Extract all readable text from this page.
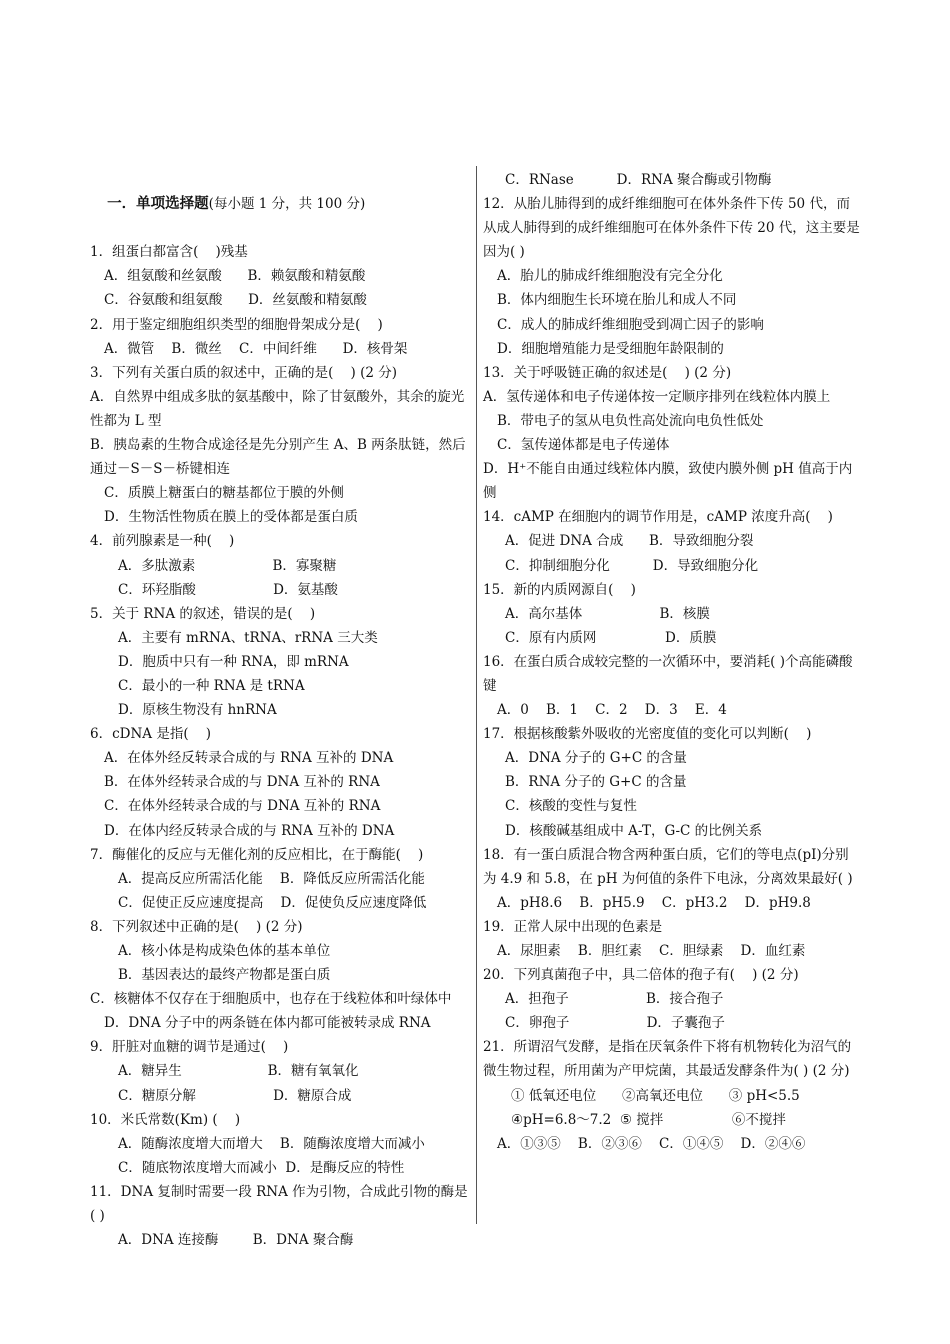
一．单项选择题(每小题 1 分，共 100 分)

1．组蛋白都富含(    )残基
A．组氨酸和丝氨酸      B．赖氨酸和精氨酸
C．谷氨酸和组氨酸      D．丝氨酸和精氨酸
2．用于鉴定细胞组织类型的细胞骨架成分是(    )
A．微管    B．微丝    C．中间纤维      D．核骨架
3．下列有关蛋白质的叙述中，正确的是(    ) (2 分)
A．自然界中组成多肽的氨基酸中，除了甘氨酸外，其余的旋光性都为 L 型
B．胰岛素的生物合成途径是先分别产生 A、B 两条肽链，然后通过－S－S－桥键相连
C．质膜上糖蛋白的糖基都位于膜的外侧
D．生物活性物质在膜上的受体都是蛋白质
4．前列腺素是一种(    )
A．多肽激素                  B．寡聚糖
C．环羟脂酸                  D．氨基酸
5．关于 RNA 的叙述，错误的是(    )
A．主要有 mRNA、tRNA、rRNA 三大类
D．胞质中只有一种 RNA，即 mRNA
C．最小的一种 RNA 是 tRNA
D．原核生物没有 hnRNA
6．cDNA 是指(    )
A．在体外经反转录合成的与 RNA 互补的 DNA
B．在体外经转录合成的与 DNA 互补的 RNA
C．在体外经转录合成的与 DNA 互补的 RNA
D．在体内经反转录合成的与 RNA 互补的 DNA
7．酶催化的反应与无催化剂的反应相比，在于酶能(    )
A．提高反应所需活化能    B．降低反应所需活化能
C．促使正反应速度提高    D．促使负反应速度降低
8．下列叙述中正确的是(    ) (2 分)
A．核小体是构成染色体的基本单位
B．基因表达的最终产物都是蛋白质
C．核糖体不仅存在于细胞质中，也存在于线粒体和叶绿体中
D．DNA 分子中的两条链在体内都可能被转录成 RNA
9．肝脏对血糖的调节是通过(    )
A．糖异生                    B．糖有氧氧化
C．糖原分解                  D．糖原合成
10．米氏常数(Km) (    )
A．随酶浓度增大而增大    B．随酶浓度增大而减小
C．随底物浓度增大而减小  D．是酶反应的特性
11．DNA 复制时需要一段 RNA 作为引物，合成此引物的酶是( )
A．DNA 连接酶        B．DNA 聚合酶
C．RNase          D．RNA 聚合酶或引物酶
12．从胎儿肺得到的成纤维细胞可在体外条件下传 50 代，而从成人肺得到的成纤维细胞可在体外条件下传 20 代，这主要是因为( )
A．胎儿的肺成纤维细胞没有完全分化
B．体内细胞生长环境在胎儿和成人不同
C．成人的肺成纤维细胞受到凋亡因子的影响
D．细胞增殖能力是受细胞年龄限制的
13．关于呼吸链正确的叙述是(    ) (2 分)
A．氢传递体和电子传递体按一定顺序排列在线粒体内膜上
B．带电子的氢从电负性高处流向电负性低处
C．氢传递体都是电子传递体
D．H⁺不能自由通过线粒体内膜，致使内膜外侧 pH 值高于内侧
14．cAMP 在细胞内的调节作用是，cAMP 浓度升高(    )
A．促进 DNA 合成      B．导致细胞分裂
C．抑制细胞分化          D．导致细胞分化
15．新的内质网源自(    )
A．高尔基体                  B．核膜
C．原有内质网                D．质膜
16．在蛋白质合成较完整的一次循环中，要消耗( )个高能磷酸键
A．0    B．1    C．2    D．3    E．4
17．根据核酸紫外吸收的光密度值的变化可以判断(    )
A．DNA 分子的 G+C 的含量
B．RNA 分子的 G+C 的含量
C．核酸的变性与复性
D．核酸碱基组成中 A-T，G-C 的比例关系
18．有一蛋白质混合物含两种蛋白质，它们的等电点(pI)分别为 4.9 和 5.8，在 pH 为何值的条件下电泳，分离效果最好( )
A．pH8.6    B．pH5.9    C．pH3.2    D．pH9.8
19．正常人尿中出现的色素是
A．尿胆素    B．胆红素    C．胆绿素    D．血红素
20．下列真菌孢子中，具二倍体的孢子有(    ) (2 分)
A．担孢子                  B．接合孢子
C．卵孢子                  D．子囊孢子
21．所谓沼气发酵，是指在厌氧条件下将有机物转化为沼气的微生物过程，所用菌为产甲烷菌，其最适发酵条件为( ) (2 分)
① 低氧还电位      ②高氧还电位      ③ pH<5.5
④pH=6.8～7.2  ⑤ 搅拌                ⑥不搅拌
A．①③⑤    B．②③⑥    C．①④⑤    D．②④⑥
